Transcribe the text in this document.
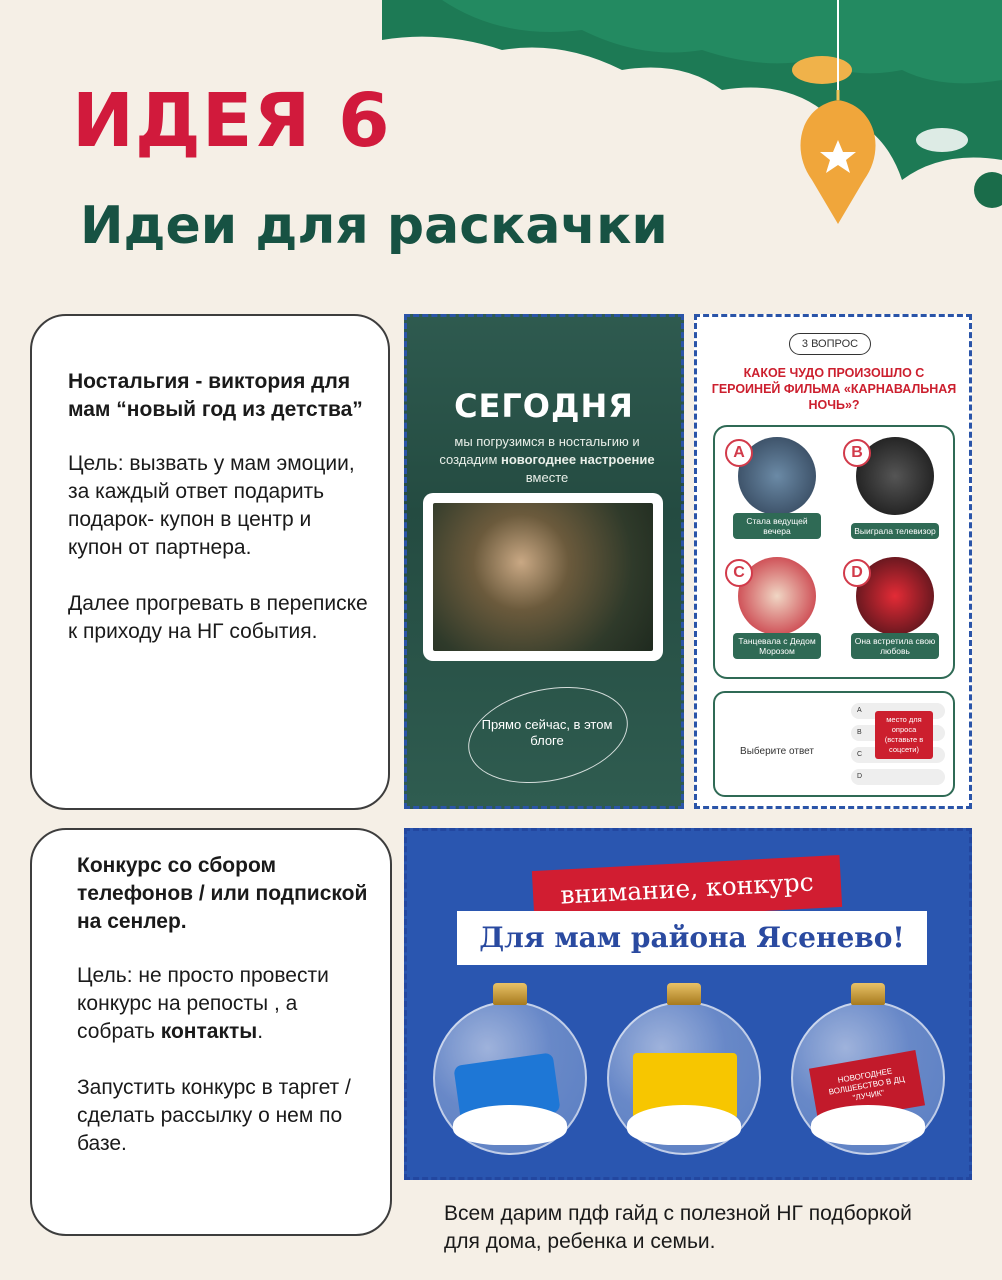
ИДЕЯ 6
Идеи для раскачки
Ностальгия - виктория для мам “новый год из детства”

Цель: вызвать у мам эмоции, за каждый ответ подарить подарок- купон в центр и купон от партнера.

Далее прогревать в переписке к приходу на НГ события.

Конкурс со сбором телефонов / или подпиской на сенлер.

Цель: не просто провести конкурс на репосты , а собрать контакты.

Запустить конкурс в таргет / сделать рассылку о нем по базе.

СЕГОДНЯ
мы погрузимся в ностальгию и создадим новогоднее настроение вместе
Прямо сейчас, в этом блоге
3 ВОПРОС
КАКОЕ ЧУДО ПРОИЗОШЛО С ГЕРОИНЕЙ ФИЛЬМА «КАРНАВАЛЬНАЯ НОЧЬ»?
A
Стала ведущей вечера
B
Выиграла телевизор
C
Танцевала с Дедом Морозом
D
Она встретила свою любовь
Выберите ответ
A
B
C
D
место для опроса (вставьте в соцсети)
внимание, конкурс
Для мам района Ясенево!
НОВОГОДНЕЕ ВОЛШЕБСТВО В ДЦ "ЛУЧИК"
Всем дарим пдф гайд с полезной НГ подборкой для дома, ребенка и семьи.
